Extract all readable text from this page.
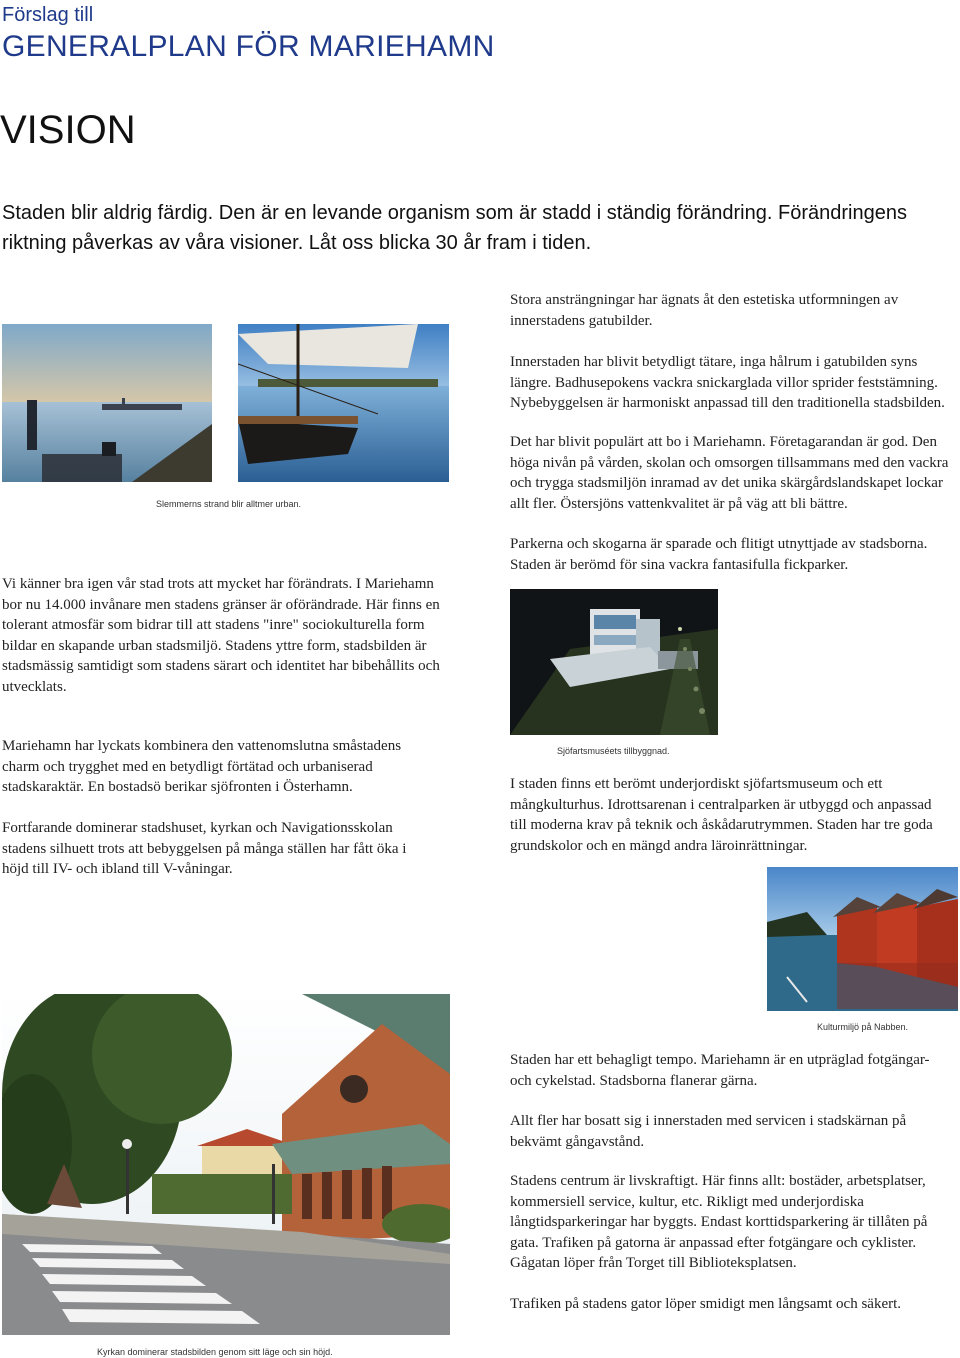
Förslag till
GENERALPLAN FÖR MARIEHAMN
VISION
Staden blir aldrig färdig. Den är en levande organism som är stadd i ständig förändring. Förändringens riktning påverkas av våra visioner. Låt oss blicka 30 år fram i tiden.
Stora ansträngningar har ägnats åt den estetiska utformningen av innerstadens gatubilder.
Innerstaden har blivit betydligt tätare, inga hålrum i gatubilden syns längre. Badhusepokens vackra snickarglada villor sprider feststämning. Nybebyggelsen är harmoniskt anpassad till den traditionella stadsbilden.
Det har blivit populärt att bo i Mariehamn. Företagarandan är god. Den höga nivån på vården, skolan och omsorgen tillsammans med den vackra och trygga stadsmiljön inramad av det unika skärgårdslandskapet lockar allt fler. Östersjöns vattenkvalitet är på väg att bli bättre.
Parkerna och skogarna är sparade och flitigt utnyttjade av stadsborna. Staden är berömd för sina vackra fantasifulla fickparker.
I staden finns ett berömt underjordiskt sjöfartsmuseum och ett mångkulturhus. Idrottsarenan i centralparken är utbyggd och anpassad till moderna krav på teknik och åskådarutrymmen. Staden har tre goda grundskolor och en mängd andra läroinrättningar.
Staden har ett behagligt tempo. Mariehamn är en utpräglad fotgängar- och cykelstad. Stadsborna flanerar gärna.
Allt fler har bosatt sig i innerstaden med servicen i stadskärnan på bekvämt gångavstånd.
Stadens centrum är livskraftigt. Här finns allt: bostäder, arbetsplatser, kommersiell service, kultur, etc. Rikligt med underjordiska långtidsparkeringar har byggts. Endast korttidsparkering är tillåten på gata. Trafiken på gatorna är anpassad efter fotgängare och cyklister. Gågatan löper från Torget till Biblioteksplatsen.
Trafiken på stadens gator löper smidigt men långsamt och säkert.
Vi känner bra igen vår stad trots att mycket har förändrats. I Mariehamn bor nu 14.000 invånare men stadens gränser är oförändrade. Här finns en tolerant atmosfär som bidrar till att stadens "inre" sociokulturella form bildar en skapande urban stadsmiljö. Stadens yttre form, stadsbilden är stadsmässig samtidigt som stadens särart och identitet har bibehållits och utvecklats.
Mariehamn har lyckats kombinera den vattenomslutna småstadens charm och trygghet med en betydligt förtätad och urbaniserad stadskaraktär. En bostadsö berikar sjöfronten i Österhamn.
Fortfarande dominerar stadshuset, kyrkan och Navigationsskolan stadens silhuett trots att bebyggelsen på många ställen har fått öka i höjd till IV- och ibland till V-våningar.
Slemmerns strand blir alltmer urban.
Sjöfartsmuséets tillbyggnad.
Kulturmiljö på Nabben.
Kyrkan dominerar stadsbilden genom sitt läge och sin höjd.
